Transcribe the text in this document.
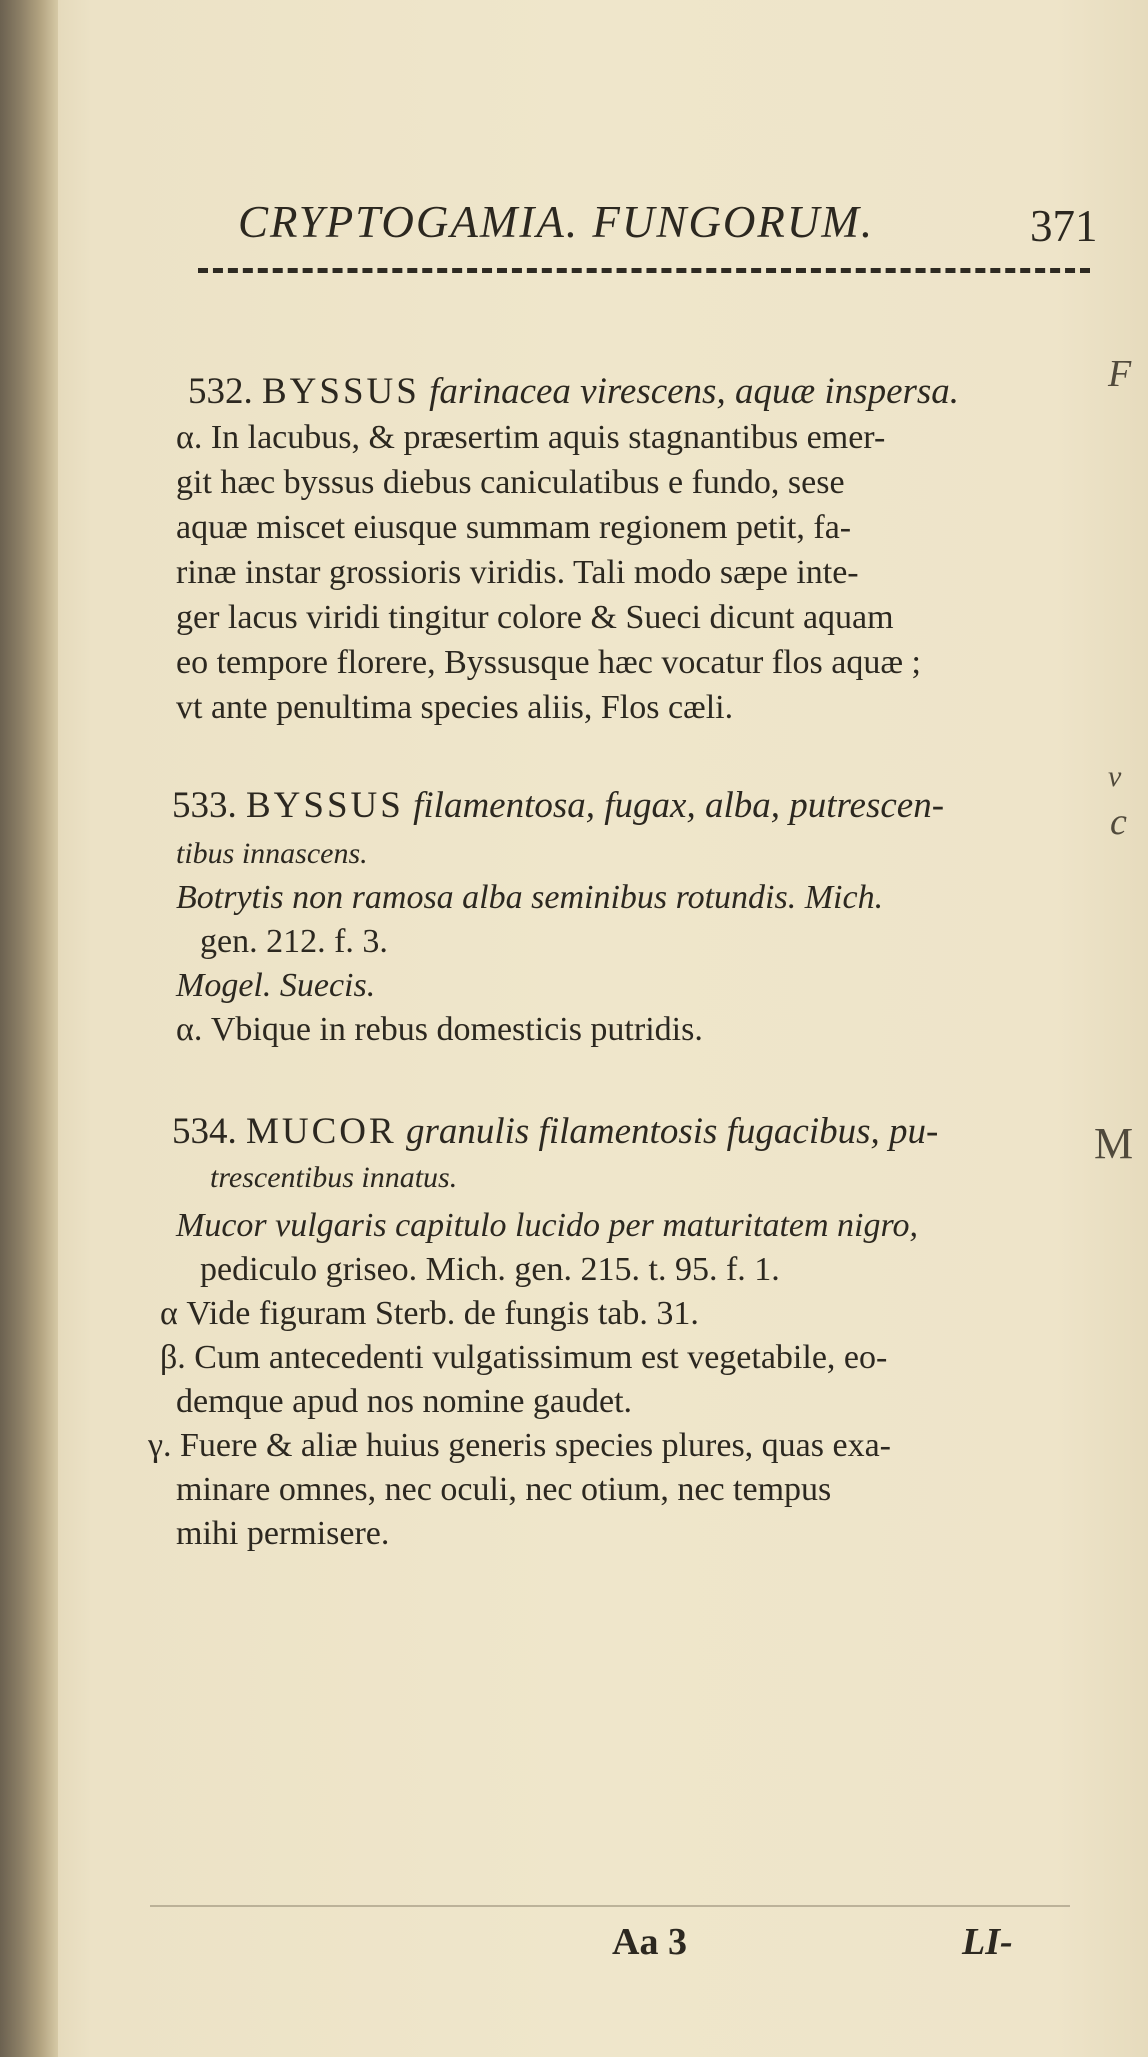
CRYPTOGAMIA. FUNGORUM.	371
532. BYSSUS farinacea virescens, aquæ inspersa.
α. In lacubus, & præsertim aquis stagnantibus emer-
git hæc byssus diebus caniculatibus e fundo, sese
aquæ miscet eiusque summam regionem petit, fa-
rinæ instar grossioris viridis. Tali modo sæpe inte-
ger lacus viridi tingitur colore & Sueci dicunt aquam
eo tempore florere, Byssusque hæc vocatur flos aquæ ;
vt ante penultima species aliis, Flos cæli.
533. BYSSUS filamentosa, fugax, alba, putrescen-
tibus innascens.
Botrytis non ramosa alba seminibus rotundis. Mich.
gen. 212. f. 3.
Mogel. Suecis.
α. Vbique in rebus domesticis putridis.
534. MUCOR granulis filamentosis fugacibus, pu-
trescentibus innatus.
Mucor vulgaris capitulo lucido per maturitatem nigro,
pediculo griseo. Mich. gen. 215. t. 95. f. 1.
α Vide figuram Sterb. de fungis tab. 31.
β. Cum antecedenti vulgatissimum est vegetabile, eo-
demque apud nos nomine gaudet.
γ. Fuere & aliæ huius generis species plures, quas exa-
minare omnes, nec oculi, nec otium, nec tempus
mihi permisere.
F
v
c
M
Aa 3	LI-
